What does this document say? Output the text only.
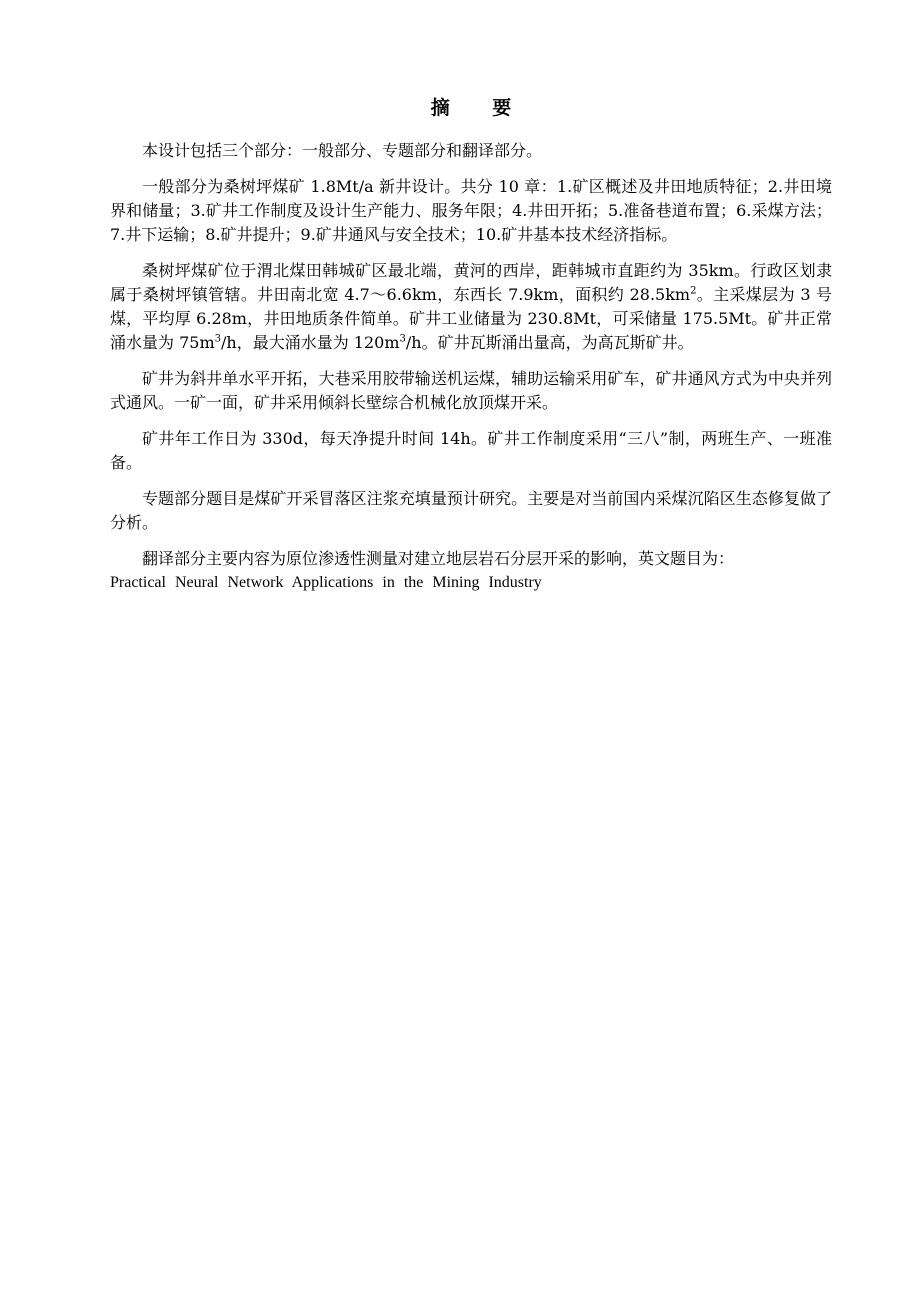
摘 要

本设计包括三个部分：一般部分、专题部分和翻译部分。

一般部分为桑树坪煤矿 1.8Mt/a 新井设计。共分 10 章：1.矿区概述及井田地质特征；2.井田境界和储量；3.矿井工作制度及设计生产能力、服务年限；4.井田开拓；5.准备巷道布置；6.采煤方法；7.井下运输；8.矿井提升；9.矿井通风与安全技术；10.矿井基本技术经济指标。

桑树坪煤矿位于渭北煤田韩城矿区最北端，黄河的西岸，距韩城市直距约为 35km。行政区划隶属于桑树坪镇管辖。井田南北宽 4.7～6.6km，东西长 7.9km，面积约 $28.5km^2$。主采煤层为 3 号煤，平均厚 6.28m，井田地质条件简单。矿井工业储量为 230.8Mt，可采储量 175.5Mt。矿井正常涌水量为 $75m^3/h$，最大涌水量为 $120m^3/h$。矿井瓦斯涌出量高，为高瓦斯矿井。

矿井为斜井单水平开拓，大巷采用胶带输送机运煤，辅助运输采用矿车，矿井通风方式为中央并列式通风。一矿一面，矿井采用倾斜长壁综合机械化放顶煤开采。

矿井年工作日为 330d，每天净提升时间 14h。矿井工作制度采用“三八”制，两班生产、一班准备。

专题部分题目是煤矿开采冒落区注浆充填量预计研究。主要是对当前国内采煤沉陷区生态修复做了分析。

翻译部分主要内容为原位渗透性测量对建立地层岩石分层开采的影响，英文题目为：

Practical Neural Network Applications in the Mining Industry
